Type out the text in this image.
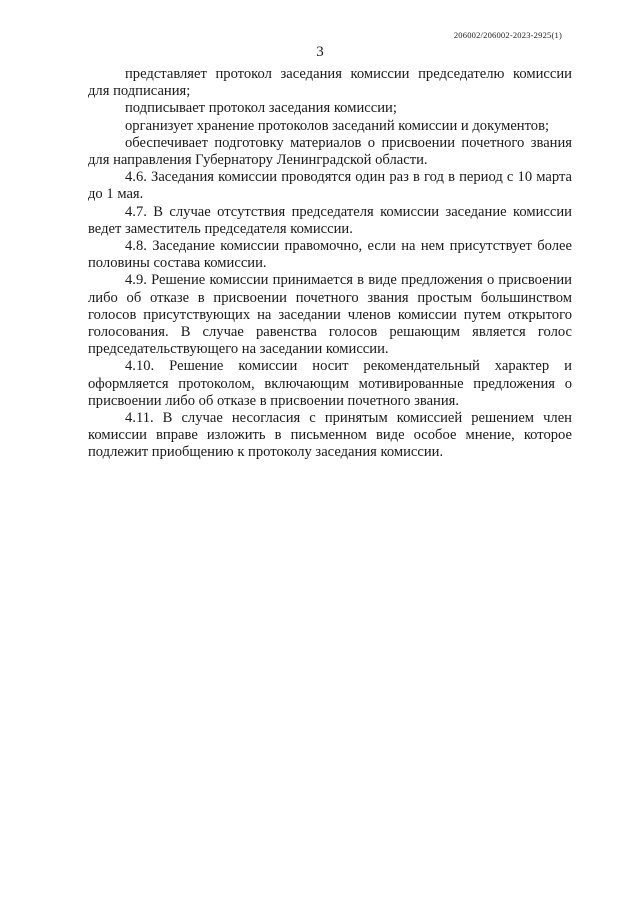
206002/206002-2023-2925(1)
3

представляет протокол заседания комиссии председателю комиссии для подписания;

подписывает протокол заседания комиссии;

организует хранение протоколов заседаний комиссии и документов;

обеспечивает подготовку материалов о присвоении почетного звания для направления Губернатору Ленинградской области.

4.6. Заседания комиссии проводятся один раз в год в период с 10 марта до 1 мая.

4.7. В случае отсутствия председателя комиссии заседание комиссии ведет заместитель председателя комиссии.

4.8. Заседание комиссии правомочно, если на нем присутствует более половины состава комиссии.

4.9. Решение комиссии принимается в виде предложения о присвоении либо об отказе в присвоении почетного звания простым большинством голосов присутствующих на заседании членов комиссии путем открытого голосования. В случае равенства голосов решающим является голос председательствующего на заседании комиссии.

4.10. Решение комиссии носит рекомендательный характер и оформляется протоколом, включающим мотивированные предложения о присвоении либо об отказе в присвоении почетного звания.

4.11. В случае несогласия с принятым комиссией решением член комиссии вправе изложить в письменном виде особое мнение, которое подлежит приобщению к протоколу заседания комиссии.
